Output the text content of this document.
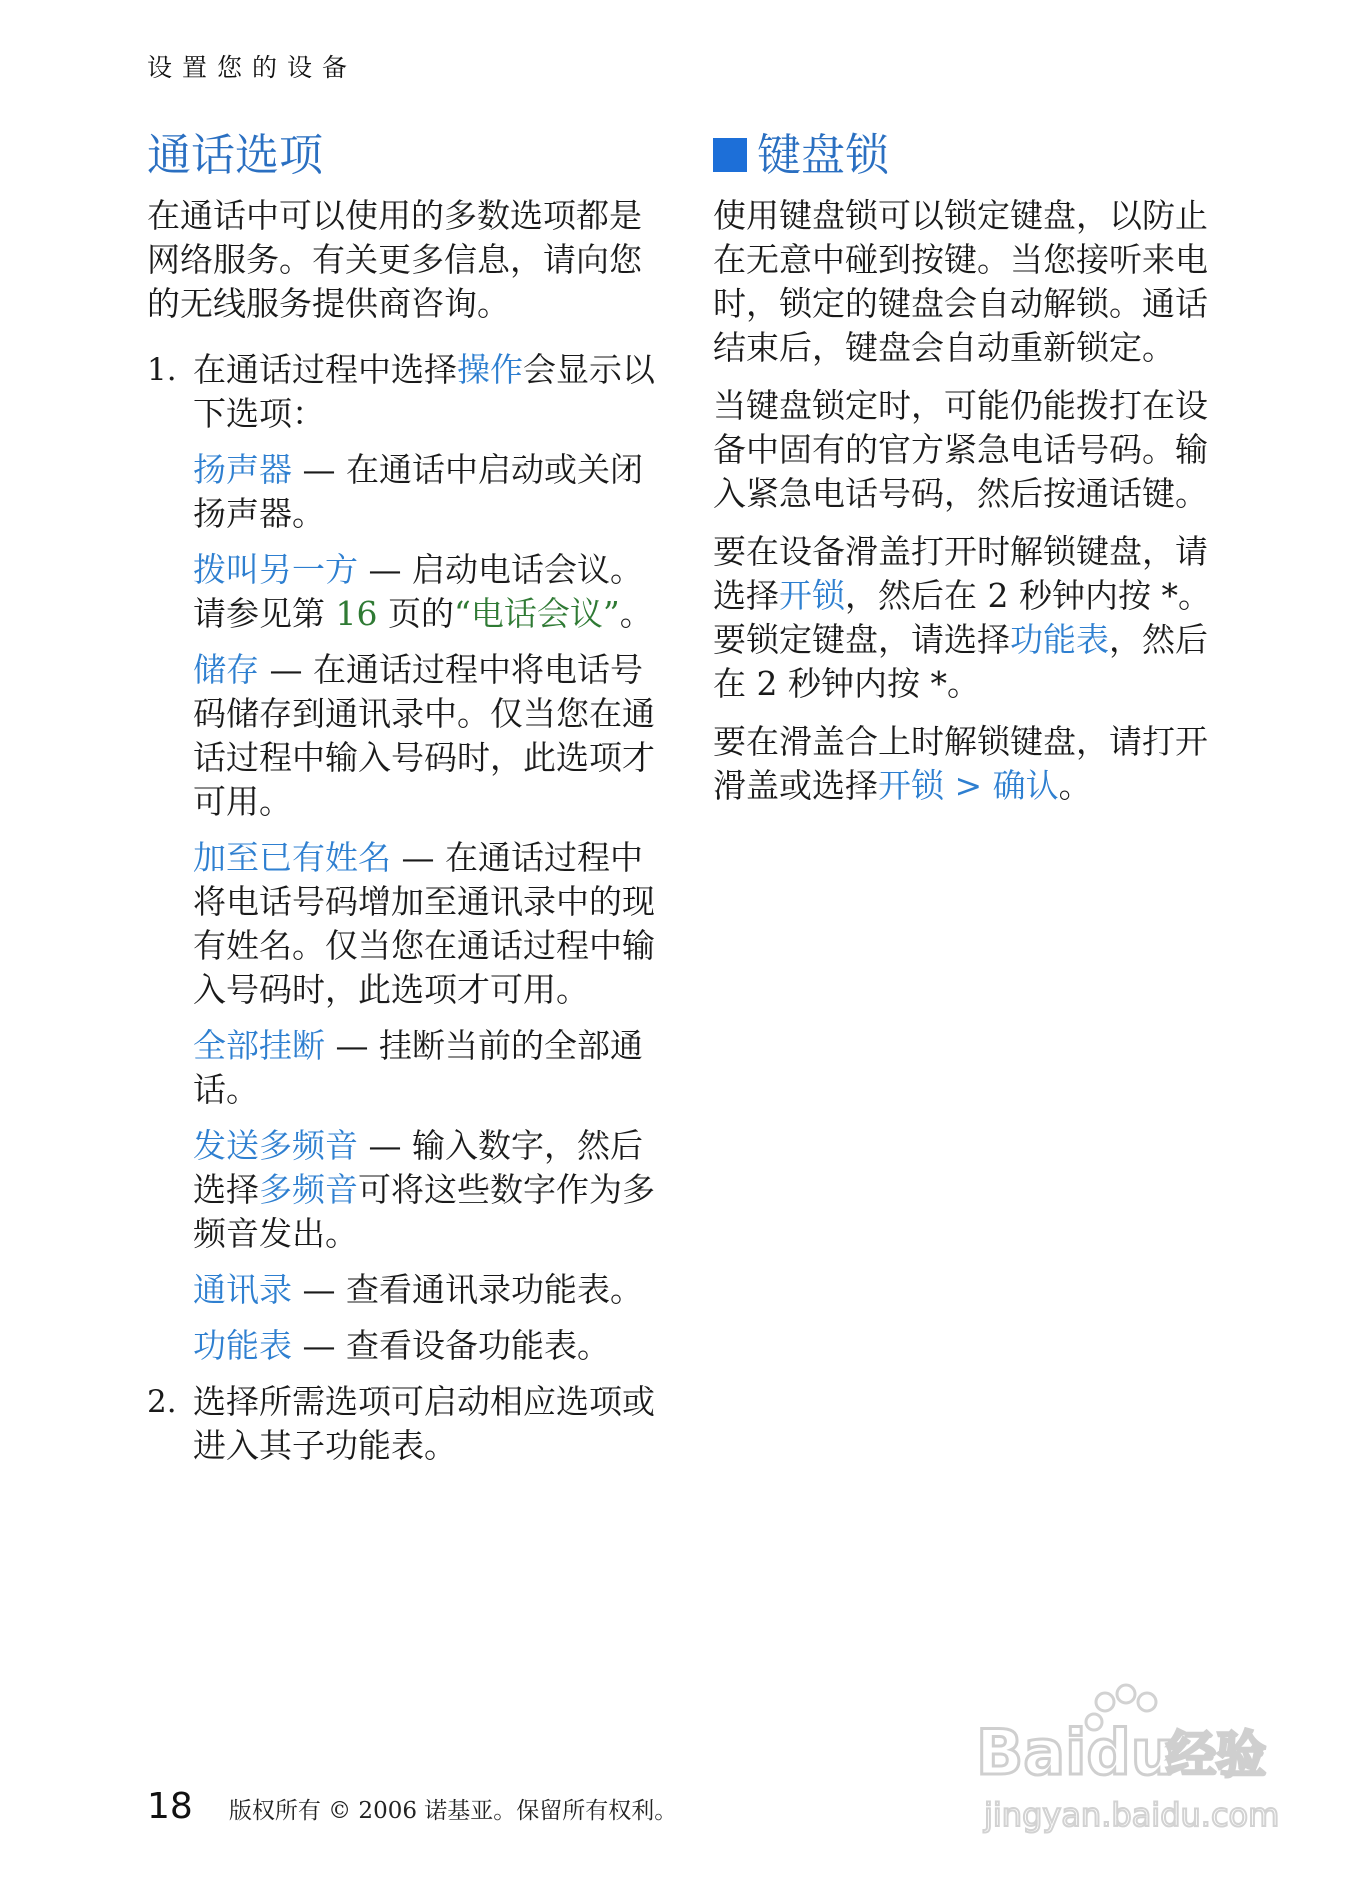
设置您的设备
通话选项

在通话中可以使用的多数选项都是网络服务。有关更多信息，请向您的无线服务提供商咨询。

1. 在通话过程中选择操作会显示以下选项：

扬声器 — 在通话中启动或关闭扬声器。

拨叫另一方 — 启动电话会议。请参见第 16 页的“电话会议”。

储存 — 在通话过程中将电话号码储存到通讯录中。仅当您在通话过程中输入号码时，此选项才可用。

加至已有姓名 — 在通话过程中将电话号码增加至通讯录中的现有姓名。仅当您在通话过程中输入号码时，此选项才可用。

全部挂断 — 挂断当前的全部通话。

发送多频音 — 输入数字，然后选择多频音可将这些数字作为多频音发出。

通讯录 — 查看通讯录功能表。

功能表 — 查看设备功能表。

2. 选择所需选项可启动相应选项或进入其子功能表。

键盘锁

使用键盘锁可以锁定键盘，以防止在无意中碰到按键。当您接听来电时，锁定的键盘会自动解锁。通话结束后，键盘会自动重新锁定。

当键盘锁定时，可能仍能拨打在设备中固有的官方紧急电话号码。输入紧急电话号码，然后按通话键。

要在设备滑盖打开时解锁键盘，请选择开锁，然后在 2 秒钟内按 *。要锁定键盘，请选择功能表，然后在 2 秒钟内按 *。

要在滑盖合上时解锁键盘，请打开滑盖或选择开锁 > 确认。

18 版权所有 © 2006 诺基亚。保留所有权利。
Baidu
经验
jingyan.baidu.com
